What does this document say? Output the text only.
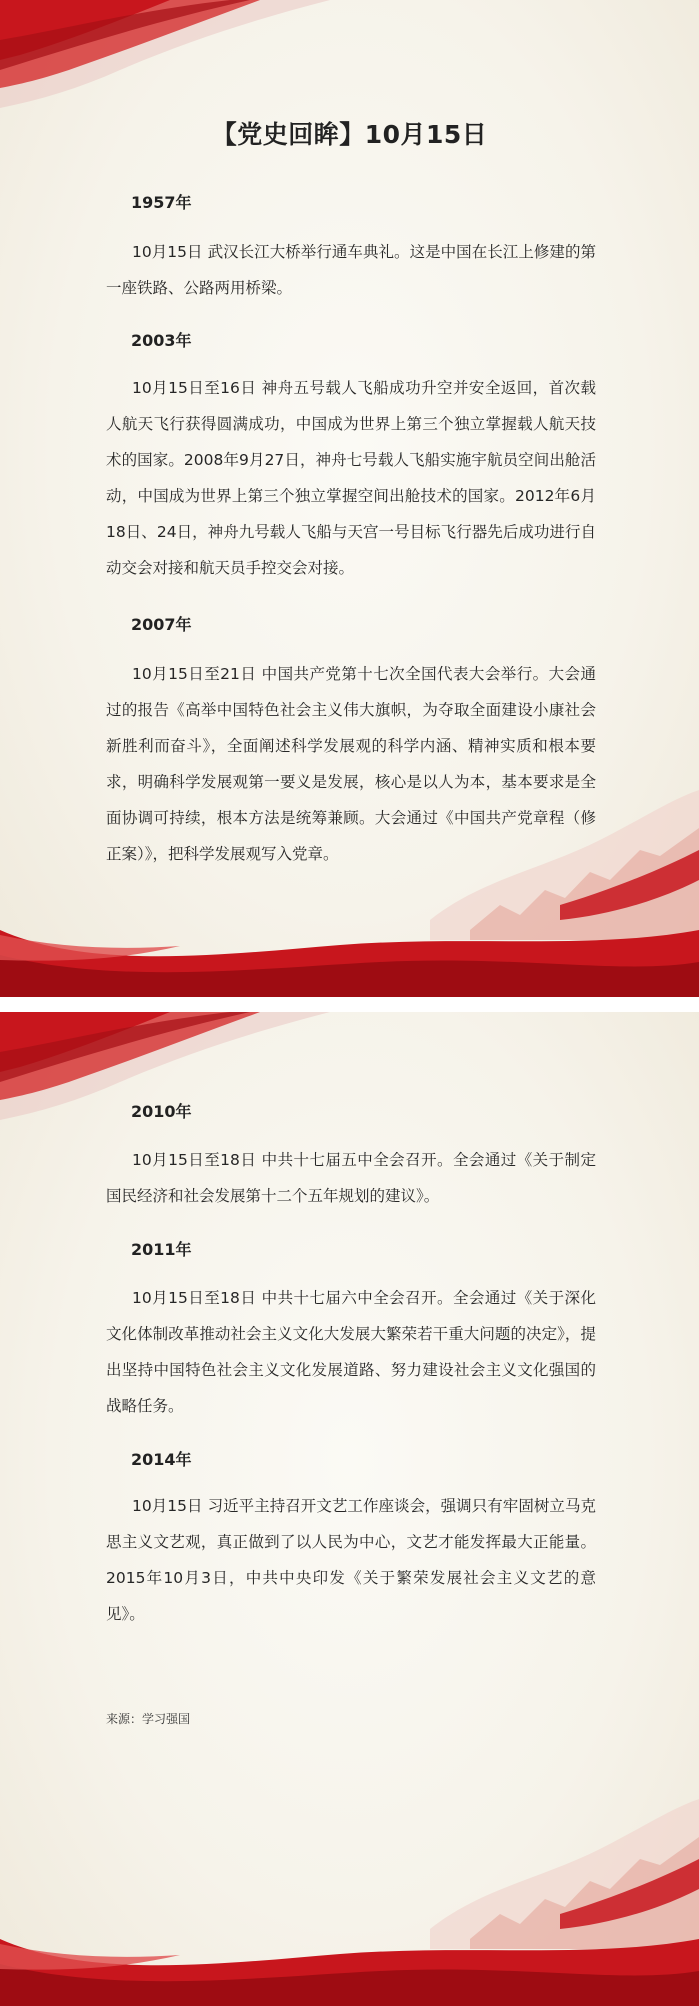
【党史回眸】10月15日
1957年

10月15日 武汉长江大桥举行通车典礼。这是中国在长江上修建的第一座铁路、公路两用桥梁。

2003年

10月15日至16日 神舟五号载人飞船成功升空并安全返回，首次载人航天飞行获得圆满成功，中国成为世界上第三个独立掌握载人航天技术的国家。2008年9月27日，神舟七号载人飞船实施宇航员空间出舱活动，中国成为世界上第三个独立掌握空间出舱技术的国家。2012年6月18日、24日，神舟九号载人飞船与天宫一号目标飞行器先后成功进行自动交会对接和航天员手控交会对接。

2007年

10月15日至21日 中国共产党第十七次全国代表大会举行。大会通过的报告《高举中国特色社会主义伟大旗帜，为夺取全面建设小康社会新胜利而奋斗》，全面阐述科学发展观的科学内涵、精神实质和根本要求，明确科学发展观第一要义是发展，核心是以人为本，基本要求是全面协调可持续，根本方法是统筹兼顾。大会通过《中国共产党章程（修正案）》，把科学发展观写入党章。

2010年

10月15日至18日 中共十七届五中全会召开。全会通过《关于制定国民经济和社会发展第十二个五年规划的建议》。

2011年

10月15日至18日 中共十七届六中全会召开。全会通过《关于深化文化体制改革推动社会主义文化大发展大繁荣若干重大问题的决定》，提出坚持中国特色社会主义文化发展道路、努力建设社会主义文化强国的战略任务。

2014年

10月15日 习近平主持召开文艺工作座谈会，强调只有牢固树立马克思主义文艺观，真正做到了以人民为中心，文艺才能发挥最大正能量。2015年10月3日，中共中央印发《关于繁荣发展社会主义文艺的意见》。

来源：学习强国
